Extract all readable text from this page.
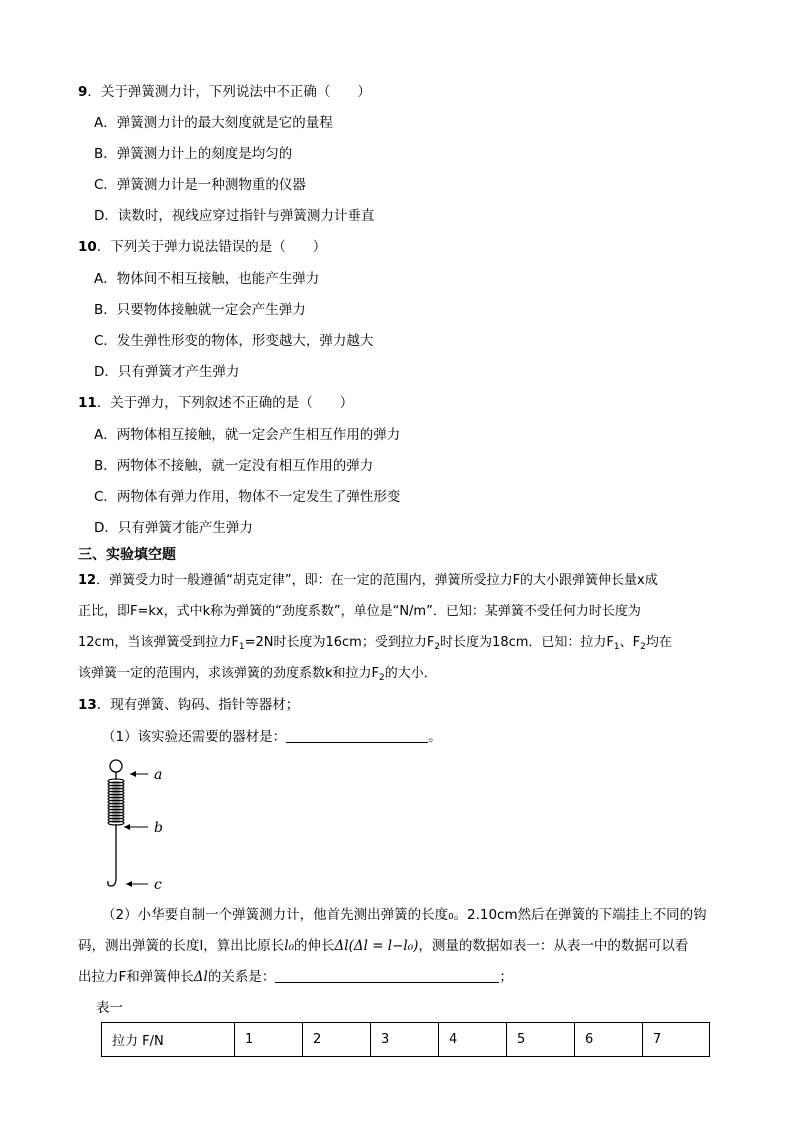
9．关于弹簧测力计，下列说法中不正确（　　）
A．弹簧测力计的最大刻度就是它的量程
B．弹簧测力计上的刻度是均匀的
C．弹簧测力计是一种测物重的仪器
D．读数时，视线应穿过指针与弹簧测力计垂直
10．下列关于弹力说法错误的是（　　）
A．物体间不相互接触，也能产生弹力
B．只要物体接触就一定会产生弹力
C．发生弹性形变的物体，形变越大，弹力越大
D．只有弹簧才产生弹力
11．关于弹力，下列叙述不正确的是（　　）
A．两物体相互接触，就一定会产生相互作用的弹力
B．两物体不接触，就一定没有相互作用的弹力
C．两物体有弹力作用，物体不一定发生了弹性形变
D．只有弹簧才能产生弹力
三、实验填空题
12．弹簧受力时一般遵循“胡克定律”，即：在一定的范围内，弹簧所受拉力F的大小跟弹簧伸长量x成
正比，即F=kx，式中k称为弹簧的“劲度系数”，单位是“N/m”．已知：某弹簧不受任何力时长度为
12cm，当该弹簧受到拉力$F_1=2N$时长度为16cm；受到拉力$F_2$时长度为18cm．已知：拉力$F_1$、$F_2$均在
该弹簧一定的范围内，求该弹簧的劲度系数k和拉力$F_2$的大小．
13．现有弹簧、钩码、指针等器材；
（1）该实验还需要的器材是：	。
a
b
c
（2）小华要自制一个弹簧测力计，他首先测出弹簧的长度₀。2.10cm然后在弹簧的下端挂上不同的钩
码，测出弹簧的长度l，算出比原长l₀的伸长Δl(Δl = l−l₀)，测量的数据如表一：从表一中的数据可以看
出拉力F和弹簧伸长Δl的关系是：	；
表一
拉力 F/N	1	2	3	4	5	6	7
